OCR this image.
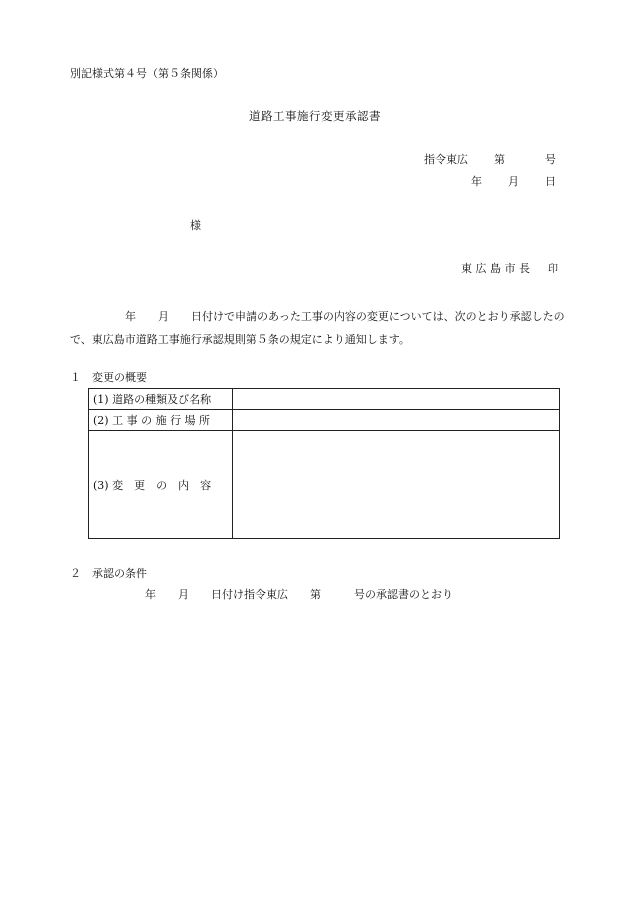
別記様式第４号（第５条関係）
道路工事施行変更承認書
指令東広 第	号
年 月 日
様
東 広 島 市 長 印
　　　　　年　　月　　日付けで申請のあった工事の内容の変更については、次のとおり承認したので、東広島市道路工事施行承認規則第５条の規定により通知します。
１　変更の概要
(1) 道路の種類及び名称	
(2) 工 事 の 施 行 場 所	
(3) 変　更　の　内　容	
２　承認の条件
年　　月　　日付け指令東広　　第　　　号の承認書のとおり
